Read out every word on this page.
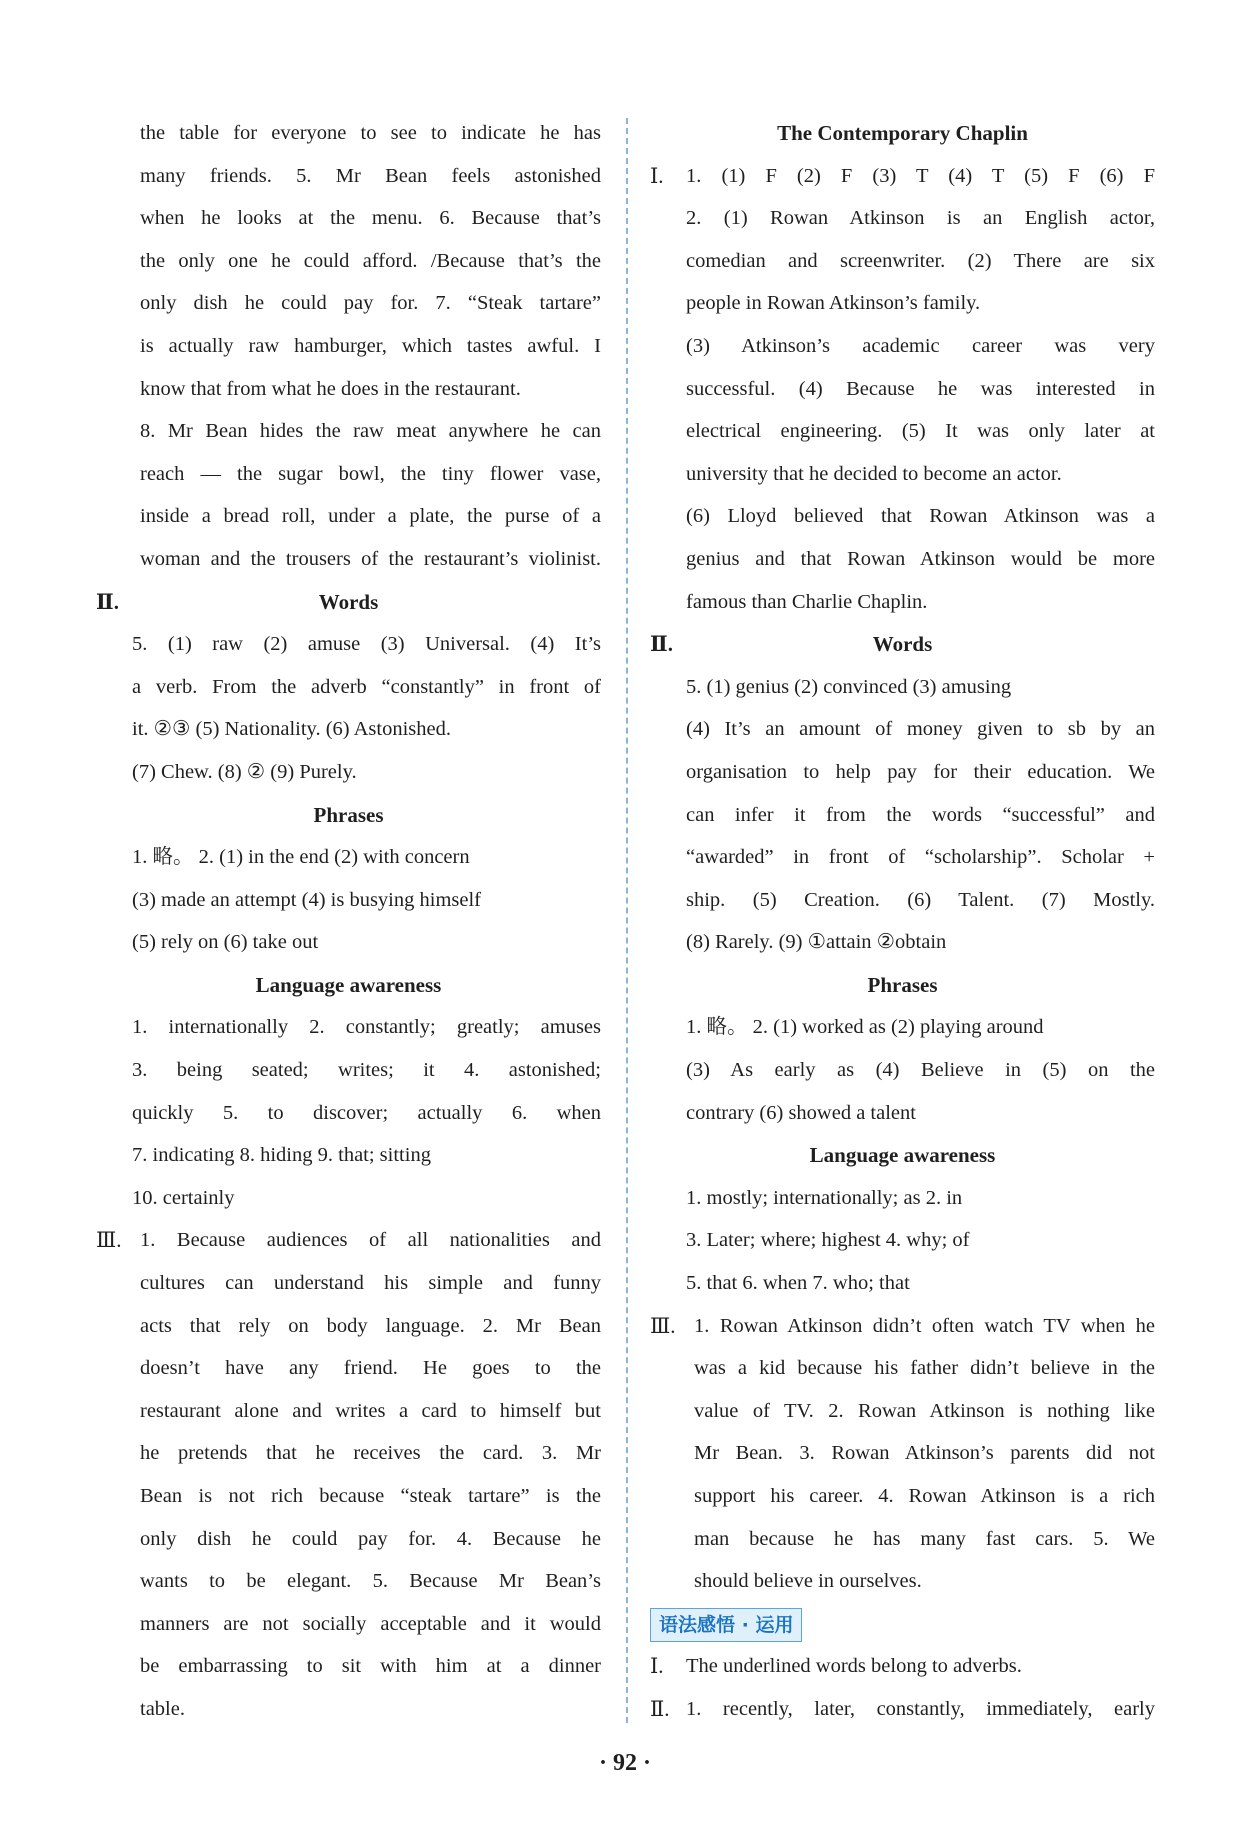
the table for everyone to see to indicate he has
many friends. 5. Mr Bean feels astonished
when he looks at the menu. 6. Because that’s
the only one he could afford. /Because that’s the
only dish he could pay for. 7. “Steak tartare”
is actually raw hamburger, which tastes awful. I
know that from what he does in the restaurant.
8. Mr Bean hides the raw meat anywhere he can
reach — the sugar bowl, the tiny flower vase,
inside a bread roll, under a plate, the purse of a
woman and the trousers of the restaurant’s violinist.
Ⅱ.	Words
5. (1) raw (2) amuse (3) Universal. (4) It’s
a verb. From the adverb “constantly” in front of
it. ②③ (5) Nationality. (6) Astonished.
(7) Chew. (8) ② (9) Purely.
Phrases
1. 略。 2. (1) in the end (2) with concern
(3) made an attempt (4) is busying himself
(5) rely on (6) take out
Language awareness
1. internationally 2. constantly; greatly; amuses
3. being seated; writes; it 4. astonished;
quickly 5. to discover; actually 6. when
7. indicating 8. hiding 9. that; sitting
10. certainly
Ⅲ. 1. Because audiences of all nationalities and
cultures can understand his simple and funny
acts that rely on body language. 2. Mr Bean
doesn’t have any friend. He goes to the
restaurant alone and writes a card to himself but
he pretends that he receives the card. 3. Mr
Bean is not rich because “steak tartare” is the
only dish he could pay for. 4. Because he
wants to be elegant. 5. Because Mr Bean’s
manners are not socially acceptable and it would
be embarrassing to sit with him at a dinner
table.
The Contemporary Chaplin
Ⅰ. 1. (1) F (2) F (3) T (4) T (5) F (6) F
2. (1) Rowan Atkinson is an English actor,
comedian and screenwriter. (2) There are six
people in Rowan Atkinson’s family.
(3) Atkinson’s academic career was very
successful. (4) Because he was interested in
electrical engineering. (5) It was only later at
university that he decided to become an actor.
(6) Lloyd believed that Rowan Atkinson was a
genius and that Rowan Atkinson would be more
famous than Charlie Chaplin.
Ⅱ.	Words
5. (1) genius (2) convinced (3) amusing
(4) It’s an amount of money given to sb by an
organisation to help pay for their education. We
can infer it from the words “successful” and
“awarded” in front of “scholarship”. Scholar +
ship. (5) Creation. (6) Talent. (7) Mostly.
(8) Rarely. (9) ①attain ②obtain
Phrases
1. 略。 2. (1) worked as (2) playing around
(3) As early as (4) Believe in (5) on the
contrary (6) showed a talent
Language awareness
1. mostly; internationally; as 2. in
3. Later; where; highest 4. why; of
5. that 6. when 7. who; that
Ⅲ. 1. Rowan Atkinson didn’t often watch TV when he
was a kid because his father didn’t believe in the
value of TV. 2. Rowan Atkinson is nothing like
Mr Bean. 3. Rowan Atkinson’s parents did not
support his career. 4. Rowan Atkinson is a rich
man because he has many fast cars. 5. We
should believe in ourselves.
语法感悟 · 运用
Ⅰ. The underlined words belong to adverbs.
Ⅱ. 1. recently, later, constantly, immediately, early
· 92 ·
